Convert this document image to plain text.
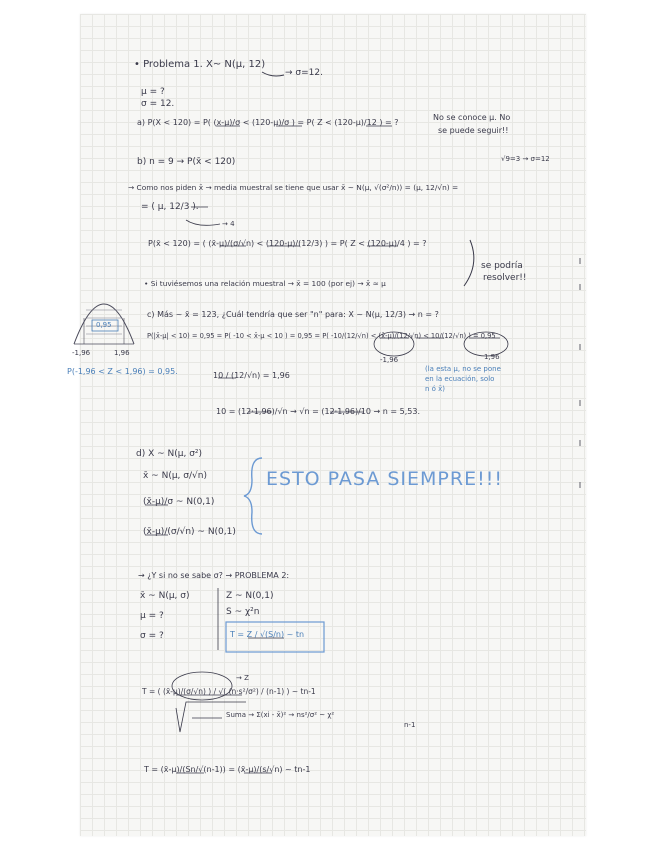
• Problema 1. X~ N(μ, 12)
→ σ=12.
μ = ?
σ = 12.
a) P(X < 120) = P( (x-μ)/σ < (120-μ)/σ ) = P( Z < (120-μ)/12 ) = ?
No se conoce μ. No
se puede seguir!!
b) n = 9 → P(x̄ < 120)	√9=3 → σ=12
→ Como nos piden x̄ → media muestral se tiene que usar x̄ ~ N(μ, √(σ²/n)) = (μ, 12/√n) =
= ( μ, 12/3 ).
→ 4
P(x̄ < 120) = ( (x̄-μ)/(σ/√n) < (120-μ)/(12/3) ) = P( Z < (120-μ)/4 ) = ?
• Si tuviésemos una relación muestral → x̄ = 100 (por ej) → x̄ ≈ μ
se podría
resolver!!
0,95
-1,96	1,96
P(-1,96 < Z < 1,96) = 0,95.
c) Más ~ x̄ = 123, ¿Cuál tendría que ser "n" para: X ~ N(μ, 12/3) → n = ?
P(|x̄-μ| < 10) = 0,95 = P( -10 < x̄-μ < 10 ) = 0,95 = P( -10/(12/√n) < (x̄-μ)/(12/√n) < 10/(12/√n) ) = 0,95
-1,96	1,96
(la esta μ, no se pone
en la ecuación, solo
n ó x̄)
10 / (12/√n) = 1,96
10 = (12·1,96)/√n → √n = (12·1,96)/10 → n = 5,53.
d) X ~ N(μ, σ²)
x̄ ~ N(μ, σ/√n)
(x̄-μ)/σ ~ N(0,1)
(x̄-μ)/(σ/√n) ~ N(0,1)
ESTO PASA SIEMPRE!!!
→ ¿Y si no se sabe σ? → PROBLEMA 2:
x̄ ~ N(μ, σ)
μ = ?
σ = ?
Z ~ N(0,1)
S ~ χ²n
T = Z / √(S/n) ~ tn
T = ( (x̄-μ)/(σ/√n) ) / √( (n·s²/σ²) / (n-1) ) ~ tn-1
→ Z
Suma → Σ(xi - x̄)² → ns²/σ² ~ χ²
n-1
T = (x̄-μ)/(Sn/√(n-1)) = (x̄-μ)/(s/√n) ~ tn-1
